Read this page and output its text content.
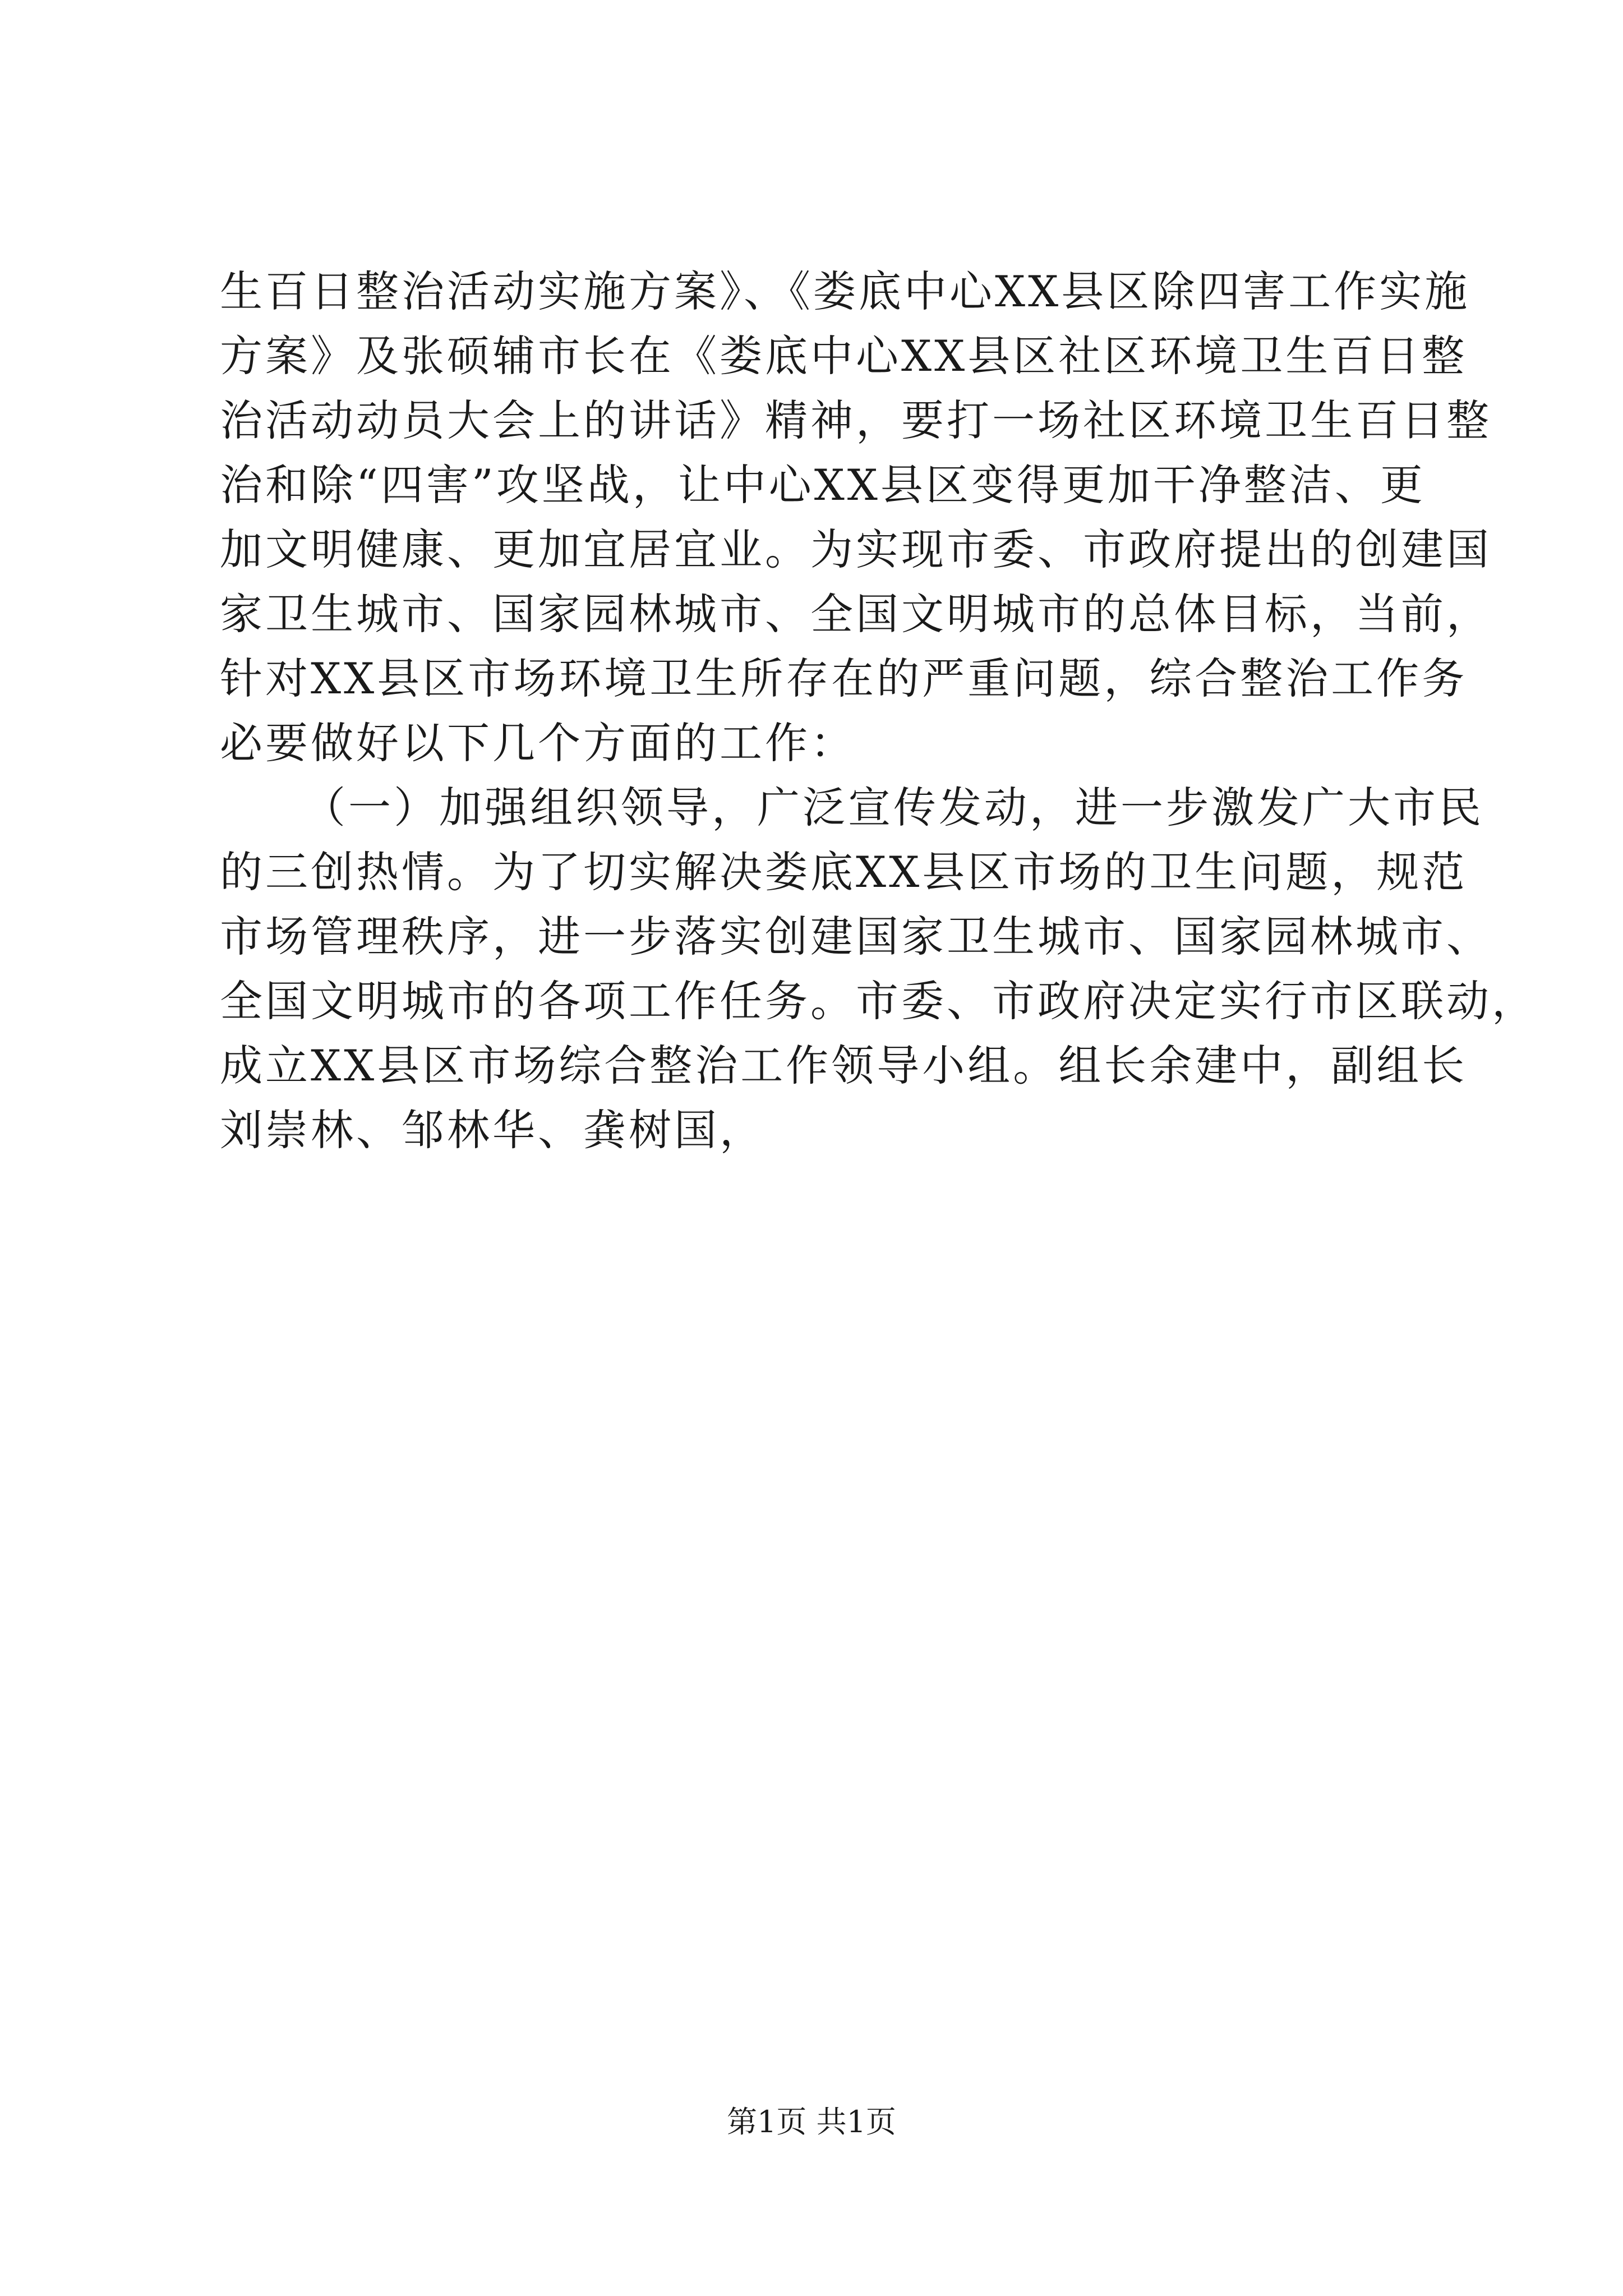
生百日整治活动实施方案》、《娄底中心XX县区除四害工作实施
方案》及张硕辅市长在《娄底中心XX县区社区环境卫生百日整
治活动动员大会上的讲话》精神，要打一场社区环境卫生百日整
治和除“四害”攻坚战，让中心XX县区变得更加干净整洁、更
加文明健康、更加宜居宜业。为实现市委、市政府提出的创建国
家卫生城市、国家园林城市、全国文明城市的总体目标，当前，
针对XX县区市场环境卫生所存在的严重问题，综合整治工作务
必要做好以下几个方面的工作：
（一）加强组织领导，广泛宣传发动，进一步激发广大市民
的三创热情。为了切实解决娄底XX县区市场的卫生问题，规范
市场管理秩序，进一步落实创建国家卫生城市、国家园林城市、
全国文明城市的各项工作任务。市委、市政府决定实行市区联动，
成立XX县区市场综合整治工作领导小组。组长余建中，副组长
刘崇林、邹林华、龚树国，
第1页 共1页
